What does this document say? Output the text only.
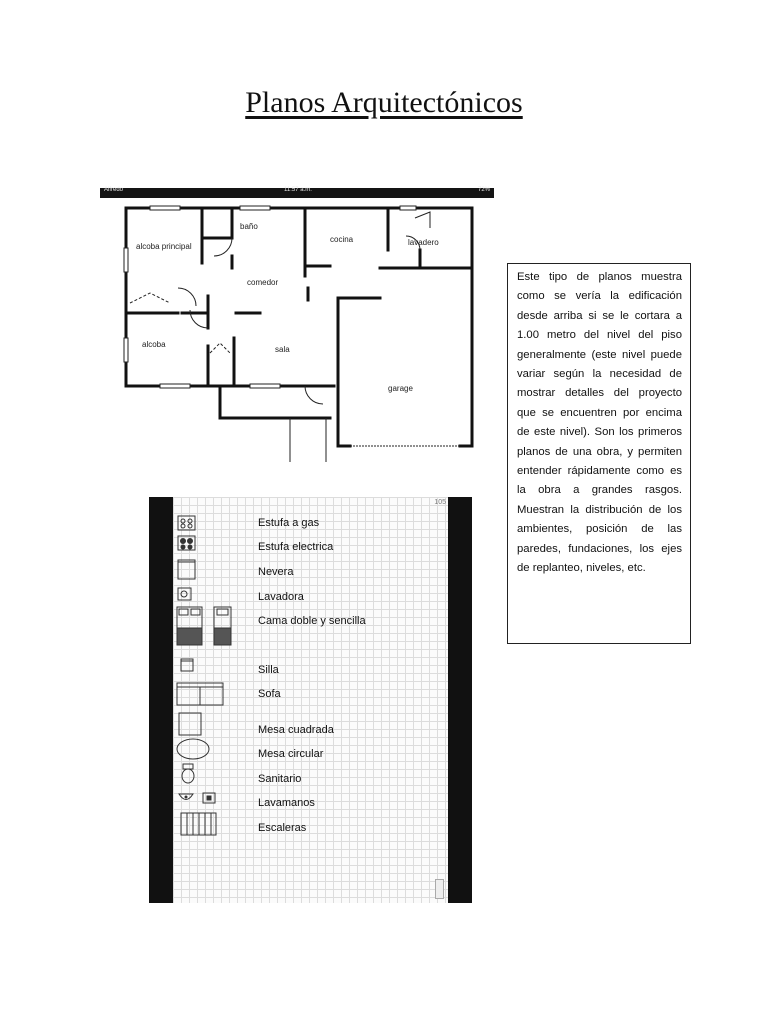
Planos Arquitectónicos
alcoba principal
baño
cocina	lavadero
comedor
alcoba
sala
garage
Alfredo	11:57 a.m.	72%

Este tipo de planos muestra como se vería la edificación desde arriba si se le cortara a 1.00 metro del nivel del piso generalmente (este nivel puede variar según la necesidad de mostrar detalles del proyecto que se encuentren por encima de este nivel). Son los primeros planos de una obra, y permiten entender rápidamente como es la obra a grandes rasgos. Muestran la distribución de los ambientes, posición de las paredes, fundaciones, los ejes de replanteo, niveles, etc.

105
Estufa a gas
Estufa electrica
Nevera
Lavadora
Cama doble y sencilla
Silla
Sofa
Mesa cuadrada
Mesa circular
Sanitario
Lavamanos
Escaleras
